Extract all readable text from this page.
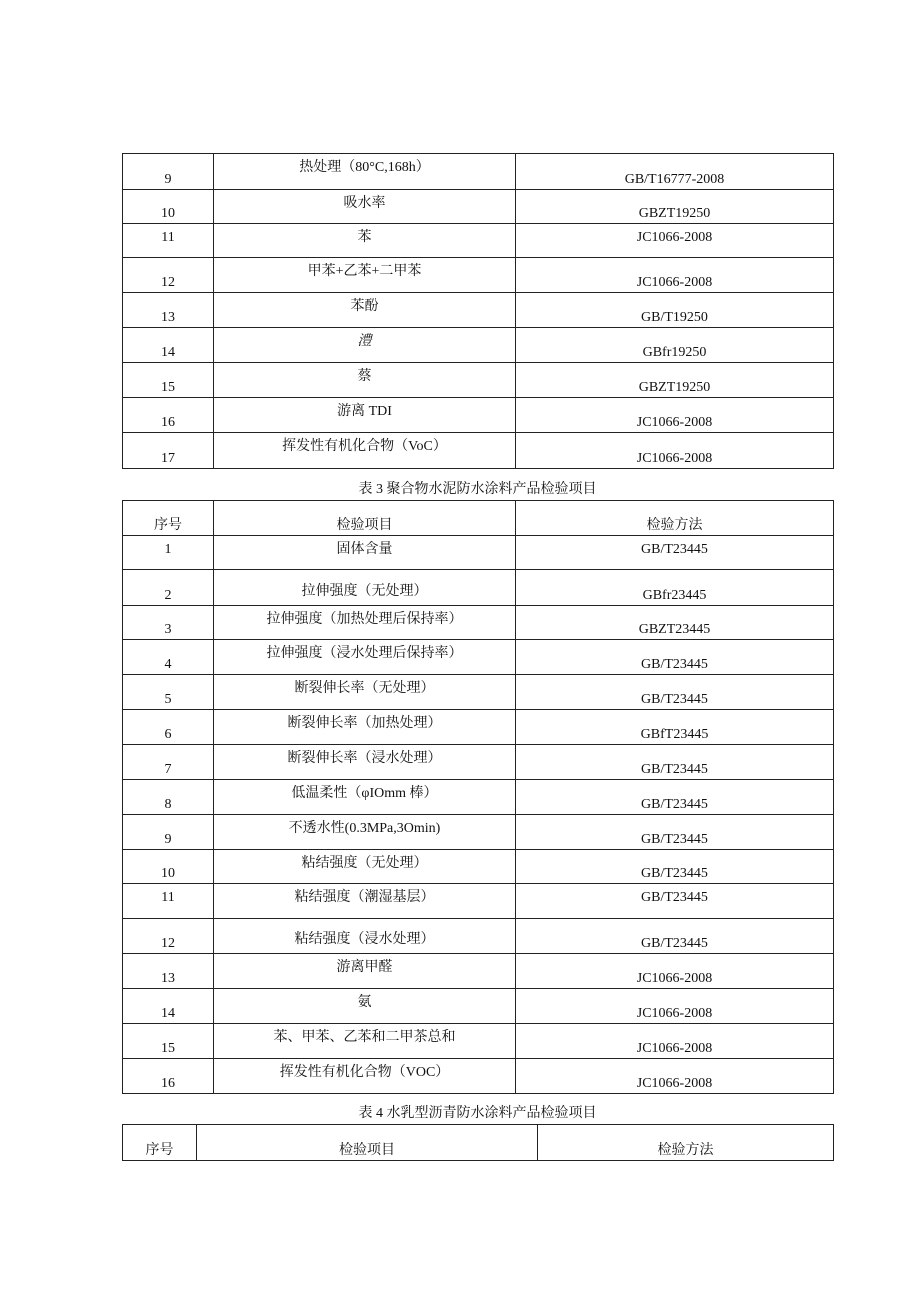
9	热处理（80°C,168h）	GB/T16777-2008
10	吸水率	GBZT19250
11	苯	JC1066-2008
12	甲苯+乙苯+二甲苯	JC1066-2008
13	苯酚	GB/T19250
14	澧	GBfr19250
15	蔡	GBZT19250
16	游离 TDI	JC1066-2008
17	挥发性有机化合物（VoC）	JC1066-2008
表 3 聚合物水泥防水涂料产品检验项目
序号	检验项目	检验方法
1	固体含量	GB/T23445
2	拉伸强度（无处理）	GBfr23445
3	拉伸强度（加热处理后保持率）	GBZT23445
4	拉伸强度（浸水处理后保持率）	GB/T23445
5	断裂伸长率（无处理）	GB/T23445
6	断裂伸长率（加热处理）	GBfT23445
7	断裂伸长率（浸水处理）	GB/T23445
8	低温柔性（φIOmm 棒）	GB/T23445
9	不透水性(0.3MPa,3Omin)	GB/T23445
10	粘结强度（无处理）	GB/T23445
11	粘结强度（潮湿基层）	GB/T23445
12	粘结强度（浸水处理）	GB/T23445
13	游离甲醛	JC1066-2008
14	氨	JC1066-2008
15	苯、甲苯、乙苯和二甲茶总和	JC1066-2008
16	挥发性有机化合物（VOC）	JC1066-2008
表 4 水乳型沥青防水涂料产品检验项目
序号	检验项目	检验方法
